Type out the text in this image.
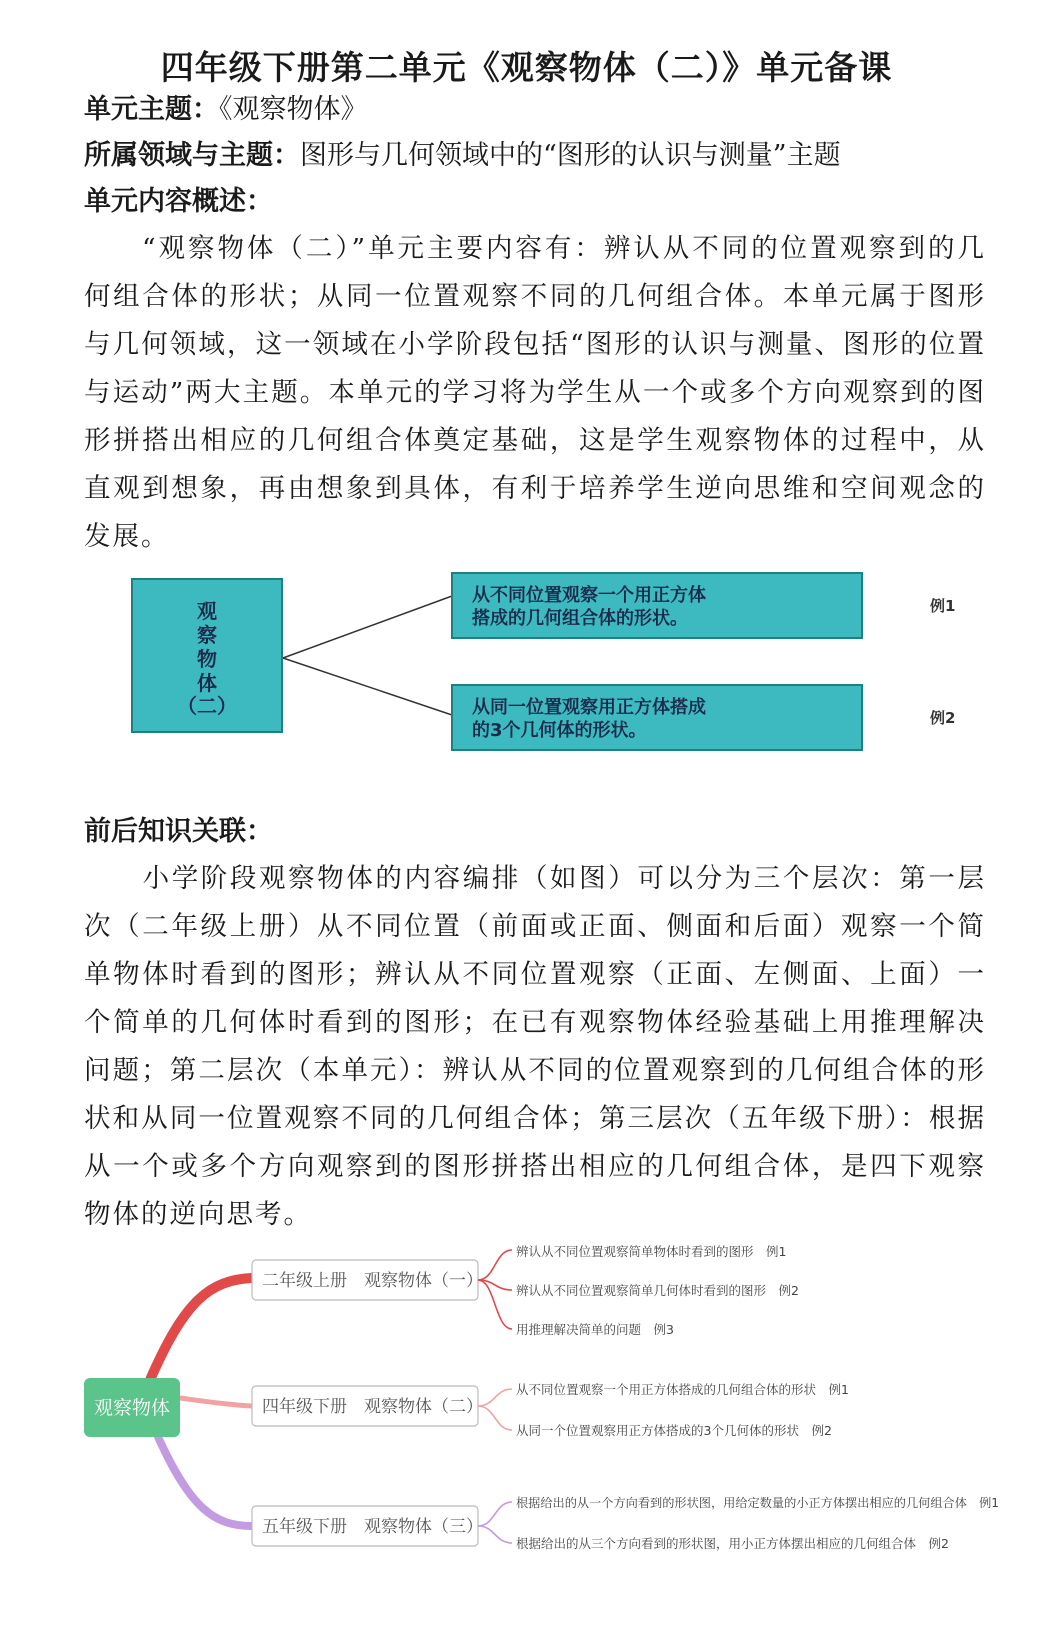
四年级下册第二单元《观察物体（二）》单元备课
单元主题：《观察物体》
所属领域与主题：图形与几何领域中的“图形的认识与测量”主题
单元内容概述：
“观察物体（二）”单元主要内容有：辨认从不同的位置观察到的几何组合体的形状；从同一位置观察不同的几何组合体。本单元属于图形与几何领域，这一领域在小学阶段包括“图形的认识与测量、图形的位置与运动”两大主题。本单元的学习将为学生从一个或多个方向观察到的图形拼搭出相应的几何组合体奠定基础，这是学生观察物体的过程中，从直观到想象，再由想象到具体，有利于培养学生逆向思维和空间观念的发展。
观
察
物
体
（二）
从不同位置观察一个用正方体
搭成的几何组合体的形状。
例1
从同一位置观察用正方体搭成
的3个几何体的形状。
例2
前后知识关联：
小学阶段观察物体的内容编排（如图）可以分为三个层次：第一层次（二年级上册）从不同位置（前面或正面、侧面和后面）观察一个简单物体时看到的图形；辨认从不同位置观察（正面、左侧面、上面）一个简单的几何体时看到的图形；在已有观察物体经验基础上用推理解决问题；第二层次（本单元）：辨认从不同的位置观察到的几何组合体的形状和从同一位置观察不同的几何组合体；第三层次（五年级下册）：根据从一个或多个方向观察到的图形拼搭出相应的几何组合体，是四下观察物体的逆向思考。
观察物体
二年级上册　观察物体（一）
辨认从不同位置观察简单物体时看到的图形　例1
辨认从不同位置观察简单几何体时看到的图形　例2
用推理解决简单的问题　例3
四年级下册　观察物体（二）
从不同位置观察一个用正方体搭成的几何组合体的形状　例1
从同一个位置观察用正方体搭成的3个几何体的形状　例2
五年级下册　观察物体（三）
根据给出的从一个方向看到的形状图，用给定数量的小正方体摆出相应的几何组合体　例1
根据给出的从三个方向看到的形状图，用小正方体摆出相应的几何组合体　例2
